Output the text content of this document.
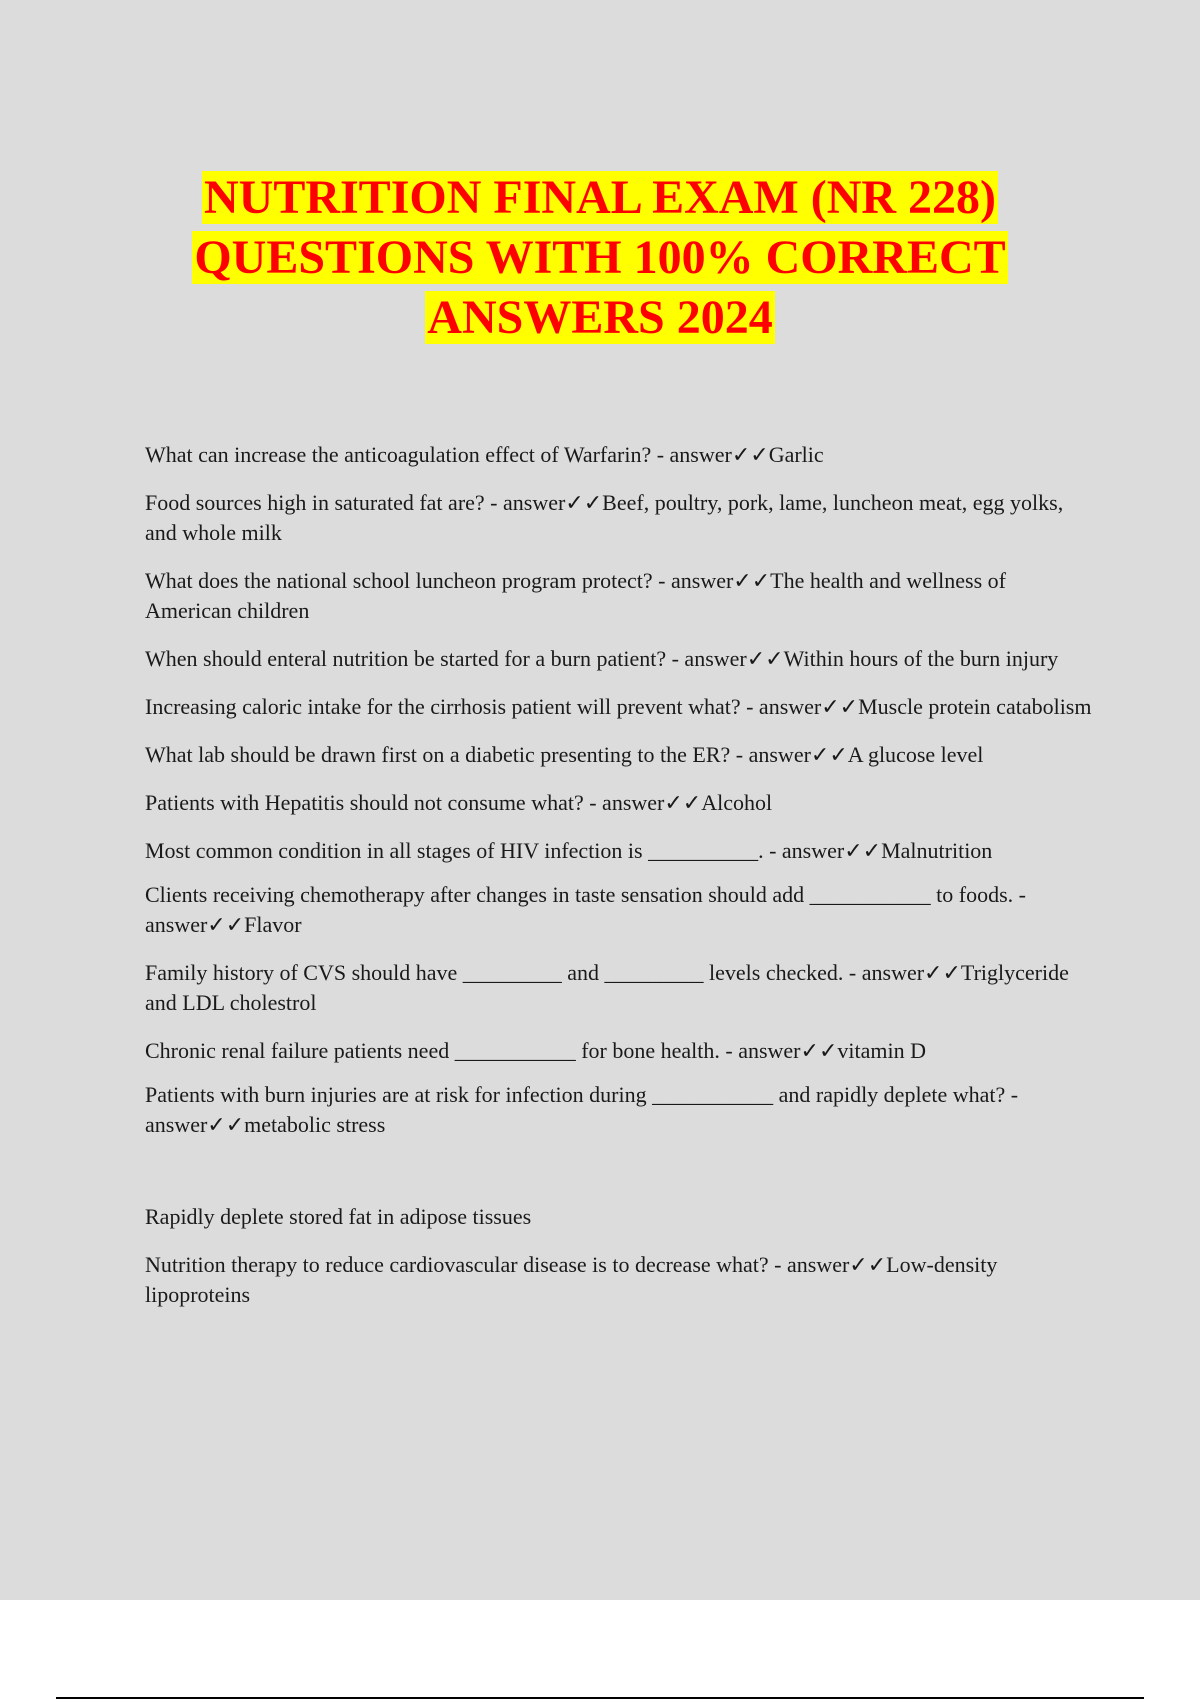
NUTRITION FINAL EXAM (NR 228)
QUESTIONS WITH 100% CORRECT
ANSWERS 2024

What can increase the anticoagulation effect of Warfarin? - answer✓✓Garlic

Food sources high in saturated fat are? - answer✓✓Beef, poultry, pork, lame, luncheon meat, egg yolks, and whole milk

What does the national school luncheon program protect? - answer✓✓The health and wellness of American children

When should enteral nutrition be started for a burn patient? - answer✓✓Within hours of the burn injury

Increasing caloric intake for the cirrhosis patient will prevent what? - answer✓✓Muscle protein catabolism

What lab should be drawn first on a diabetic presenting to the ER? - answer✓✓A glucose level

Patients with Hepatitis should not consume what? - answer✓✓Alcohol

Most common condition in all stages of HIV infection is __________. - answer✓✓Malnutrition

Clients receiving chemotherapy after changes in taste sensation should add ___________ to foods. - answer✓✓Flavor

Family history of CVS should have _________ and _________ levels checked. - answer✓✓Triglyceride and LDL cholestrol

Chronic renal failure patients need ___________ for bone health. - answer✓✓vitamin D

Patients with burn injuries are at risk for infection during ___________ and rapidly deplete what? - answer✓✓metabolic stress

Rapidly deplete stored fat in adipose tissues

Nutrition therapy to reduce cardiovascular disease is to decrease what? - answer✓✓Low-density lipoproteins
